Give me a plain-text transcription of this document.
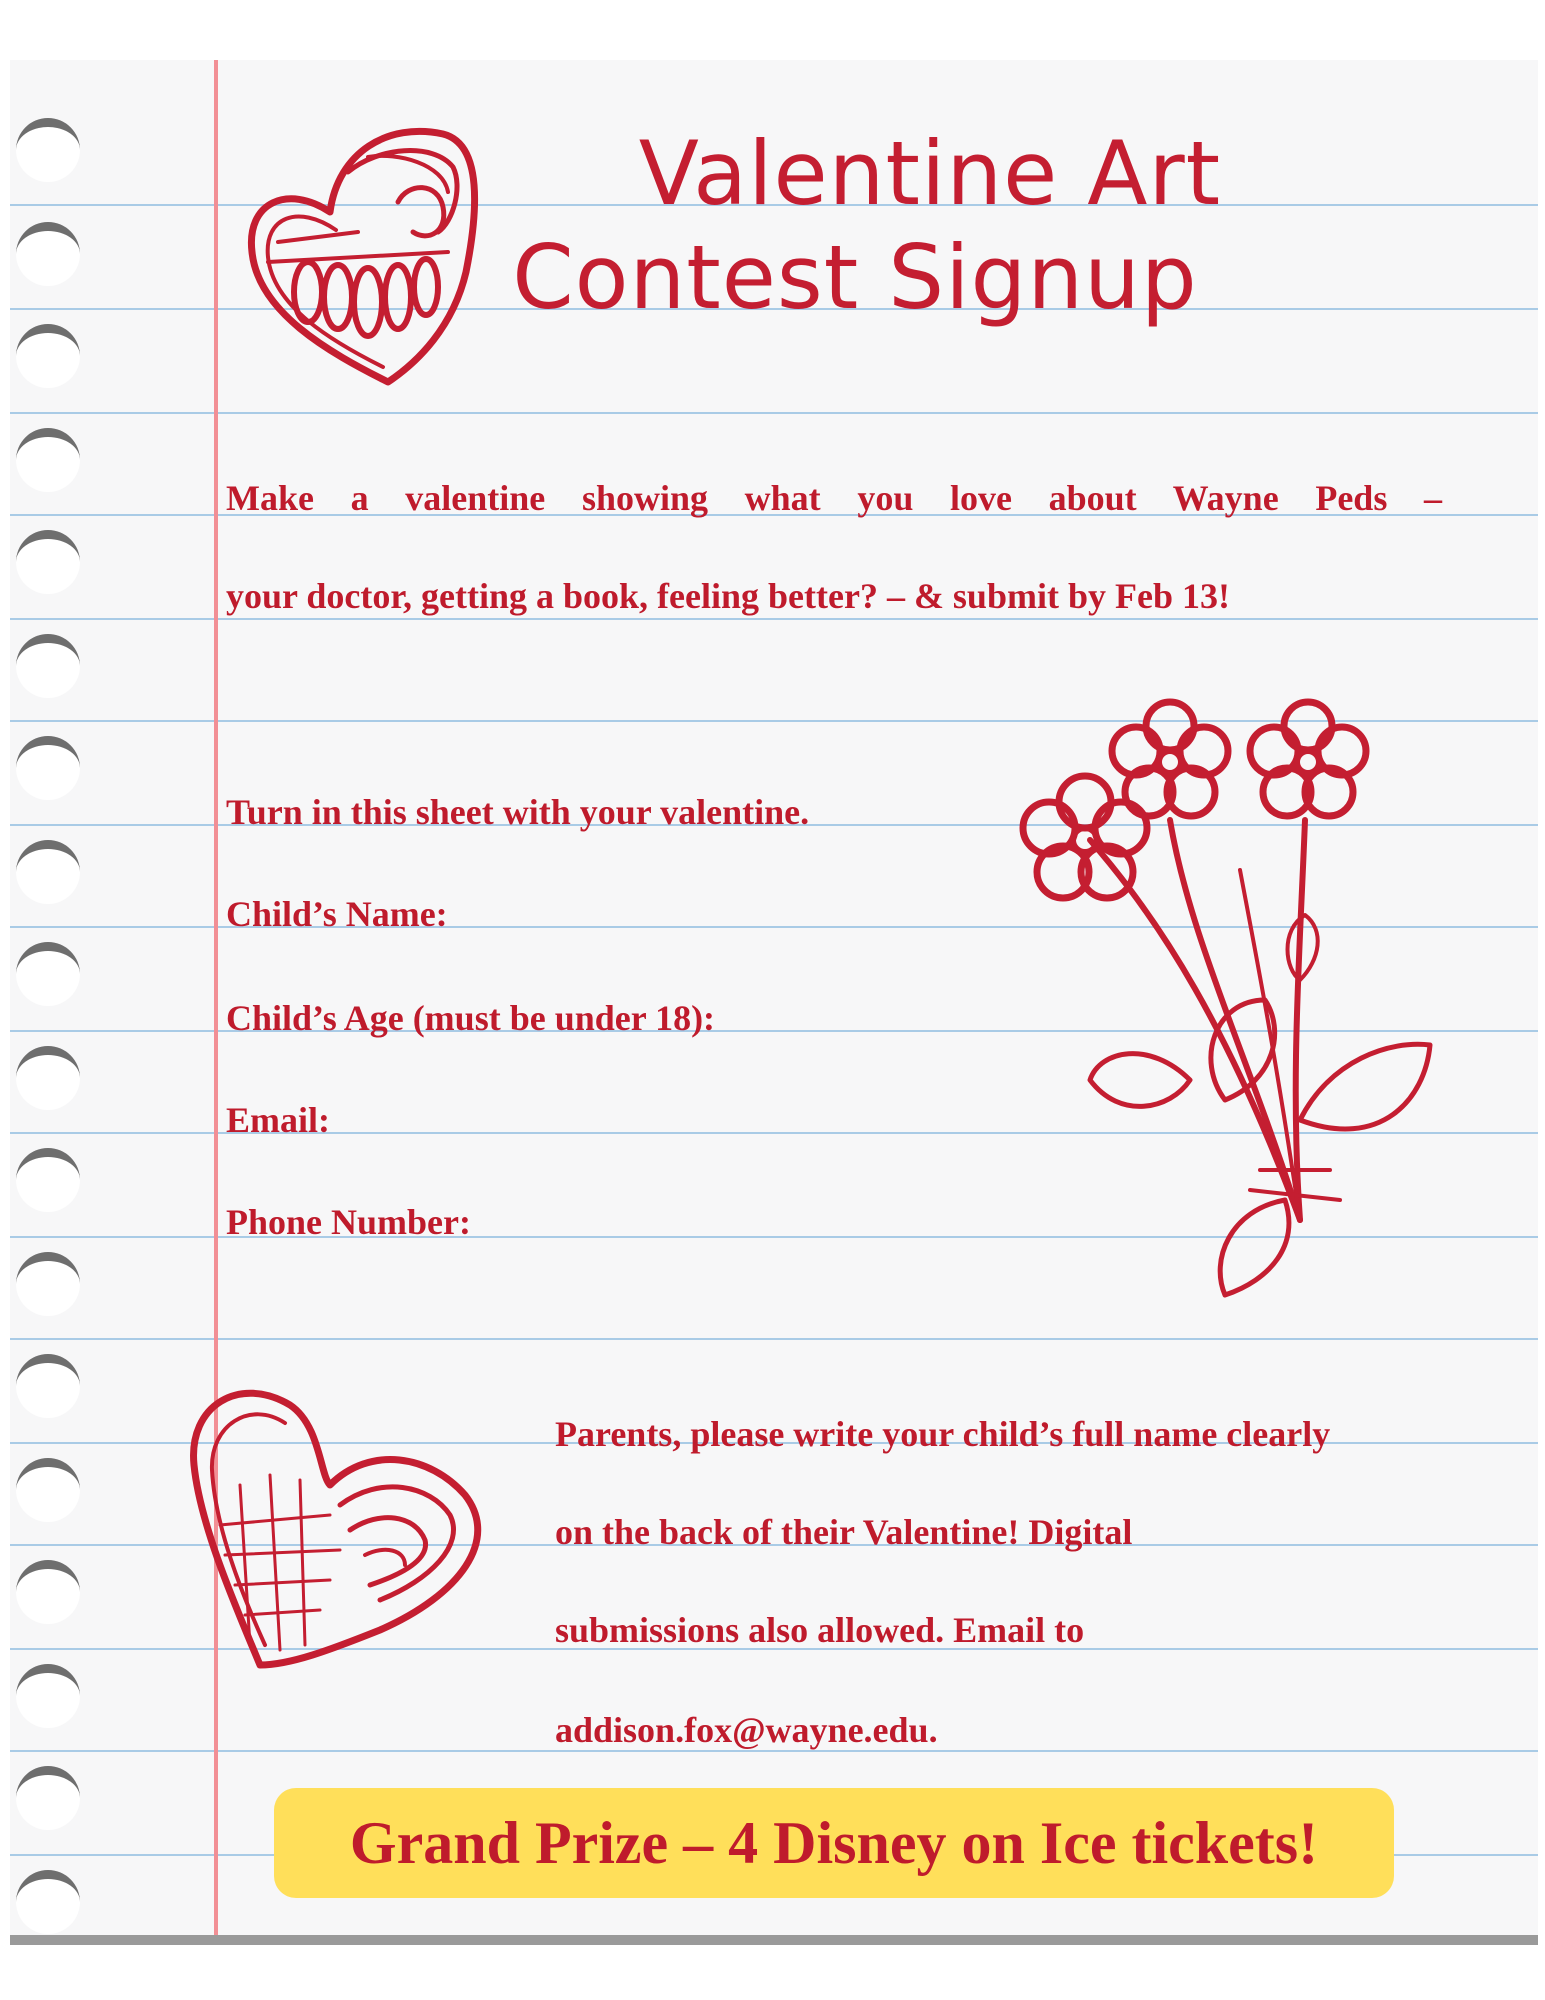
Valentine Art
Contest Signup
Make a valentine showing what you love about Wayne Peds –
your doctor, getting a book, feeling better? – & submit by Feb 13!
Turn in this sheet with your valentine.
Child’s Name:
Child’s Age (must be under 18):
Email:
Phone Number:
Parents, please write your child’s full name clearly
on the back of their Valentine! Digital
submissions also allowed. Email to
addison.fox@wayne.edu.
Grand Prize – 4 Disney on Ice tickets!
